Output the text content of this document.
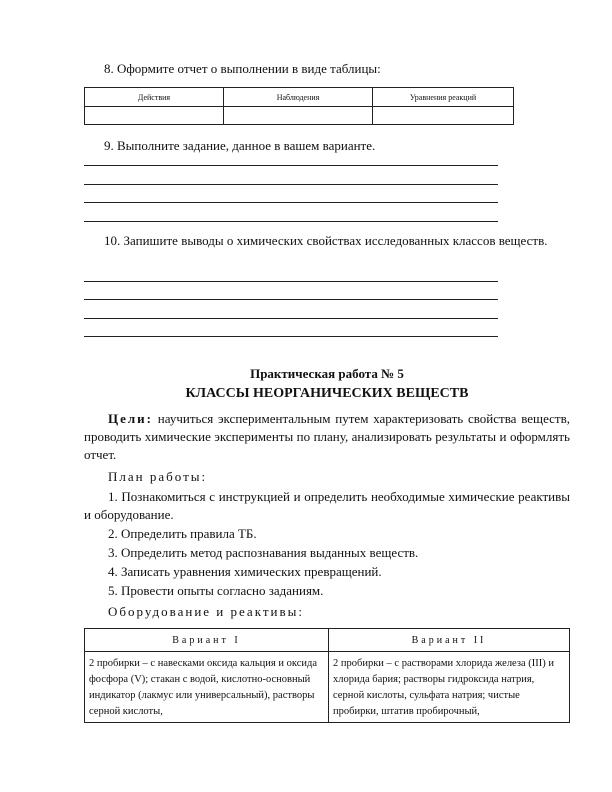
8. Оформите отчет о выполнении в виде таблицы:
Действия	Наблюдения	Уравнения реакций

9. Выполните задание, данное в вашем варианте.
10. Запишите выводы о химических свойствах исследованных классов веществ.
Практическая работа № 5
КЛАССЫ НЕОРГАНИЧЕСКИХ ВЕЩЕСТВ
Цели: научиться экспериментальным путем характеризовать свойства веществ, проводить химические эксперименты по плану, анализировать результаты и оформлять отчет.
План работы:
1. Познакомиться с инструкцией и определить необходимые химические реактивы и оборудование.
2. Определить правила ТБ.
3. Определить метод распознавания выданных веществ.
4. Записать уравнения химических превращений.
5. Провести опыты согласно заданиям.
Оборудование и реактивы:
Вариант I	Вариант II
2 пробирки – с навесками оксида кальция и оксида фосфора (V); стакан с водой, кислотно-основный индикатор (лакмус или универсальный), растворы серной кислоты,	2 пробирки – с растворами хлорида железа (III) и хлорида бария; растворы гидроксида натрия, серной кислоты, сульфата натрия; чистые пробирки, штатив пробирочный,
